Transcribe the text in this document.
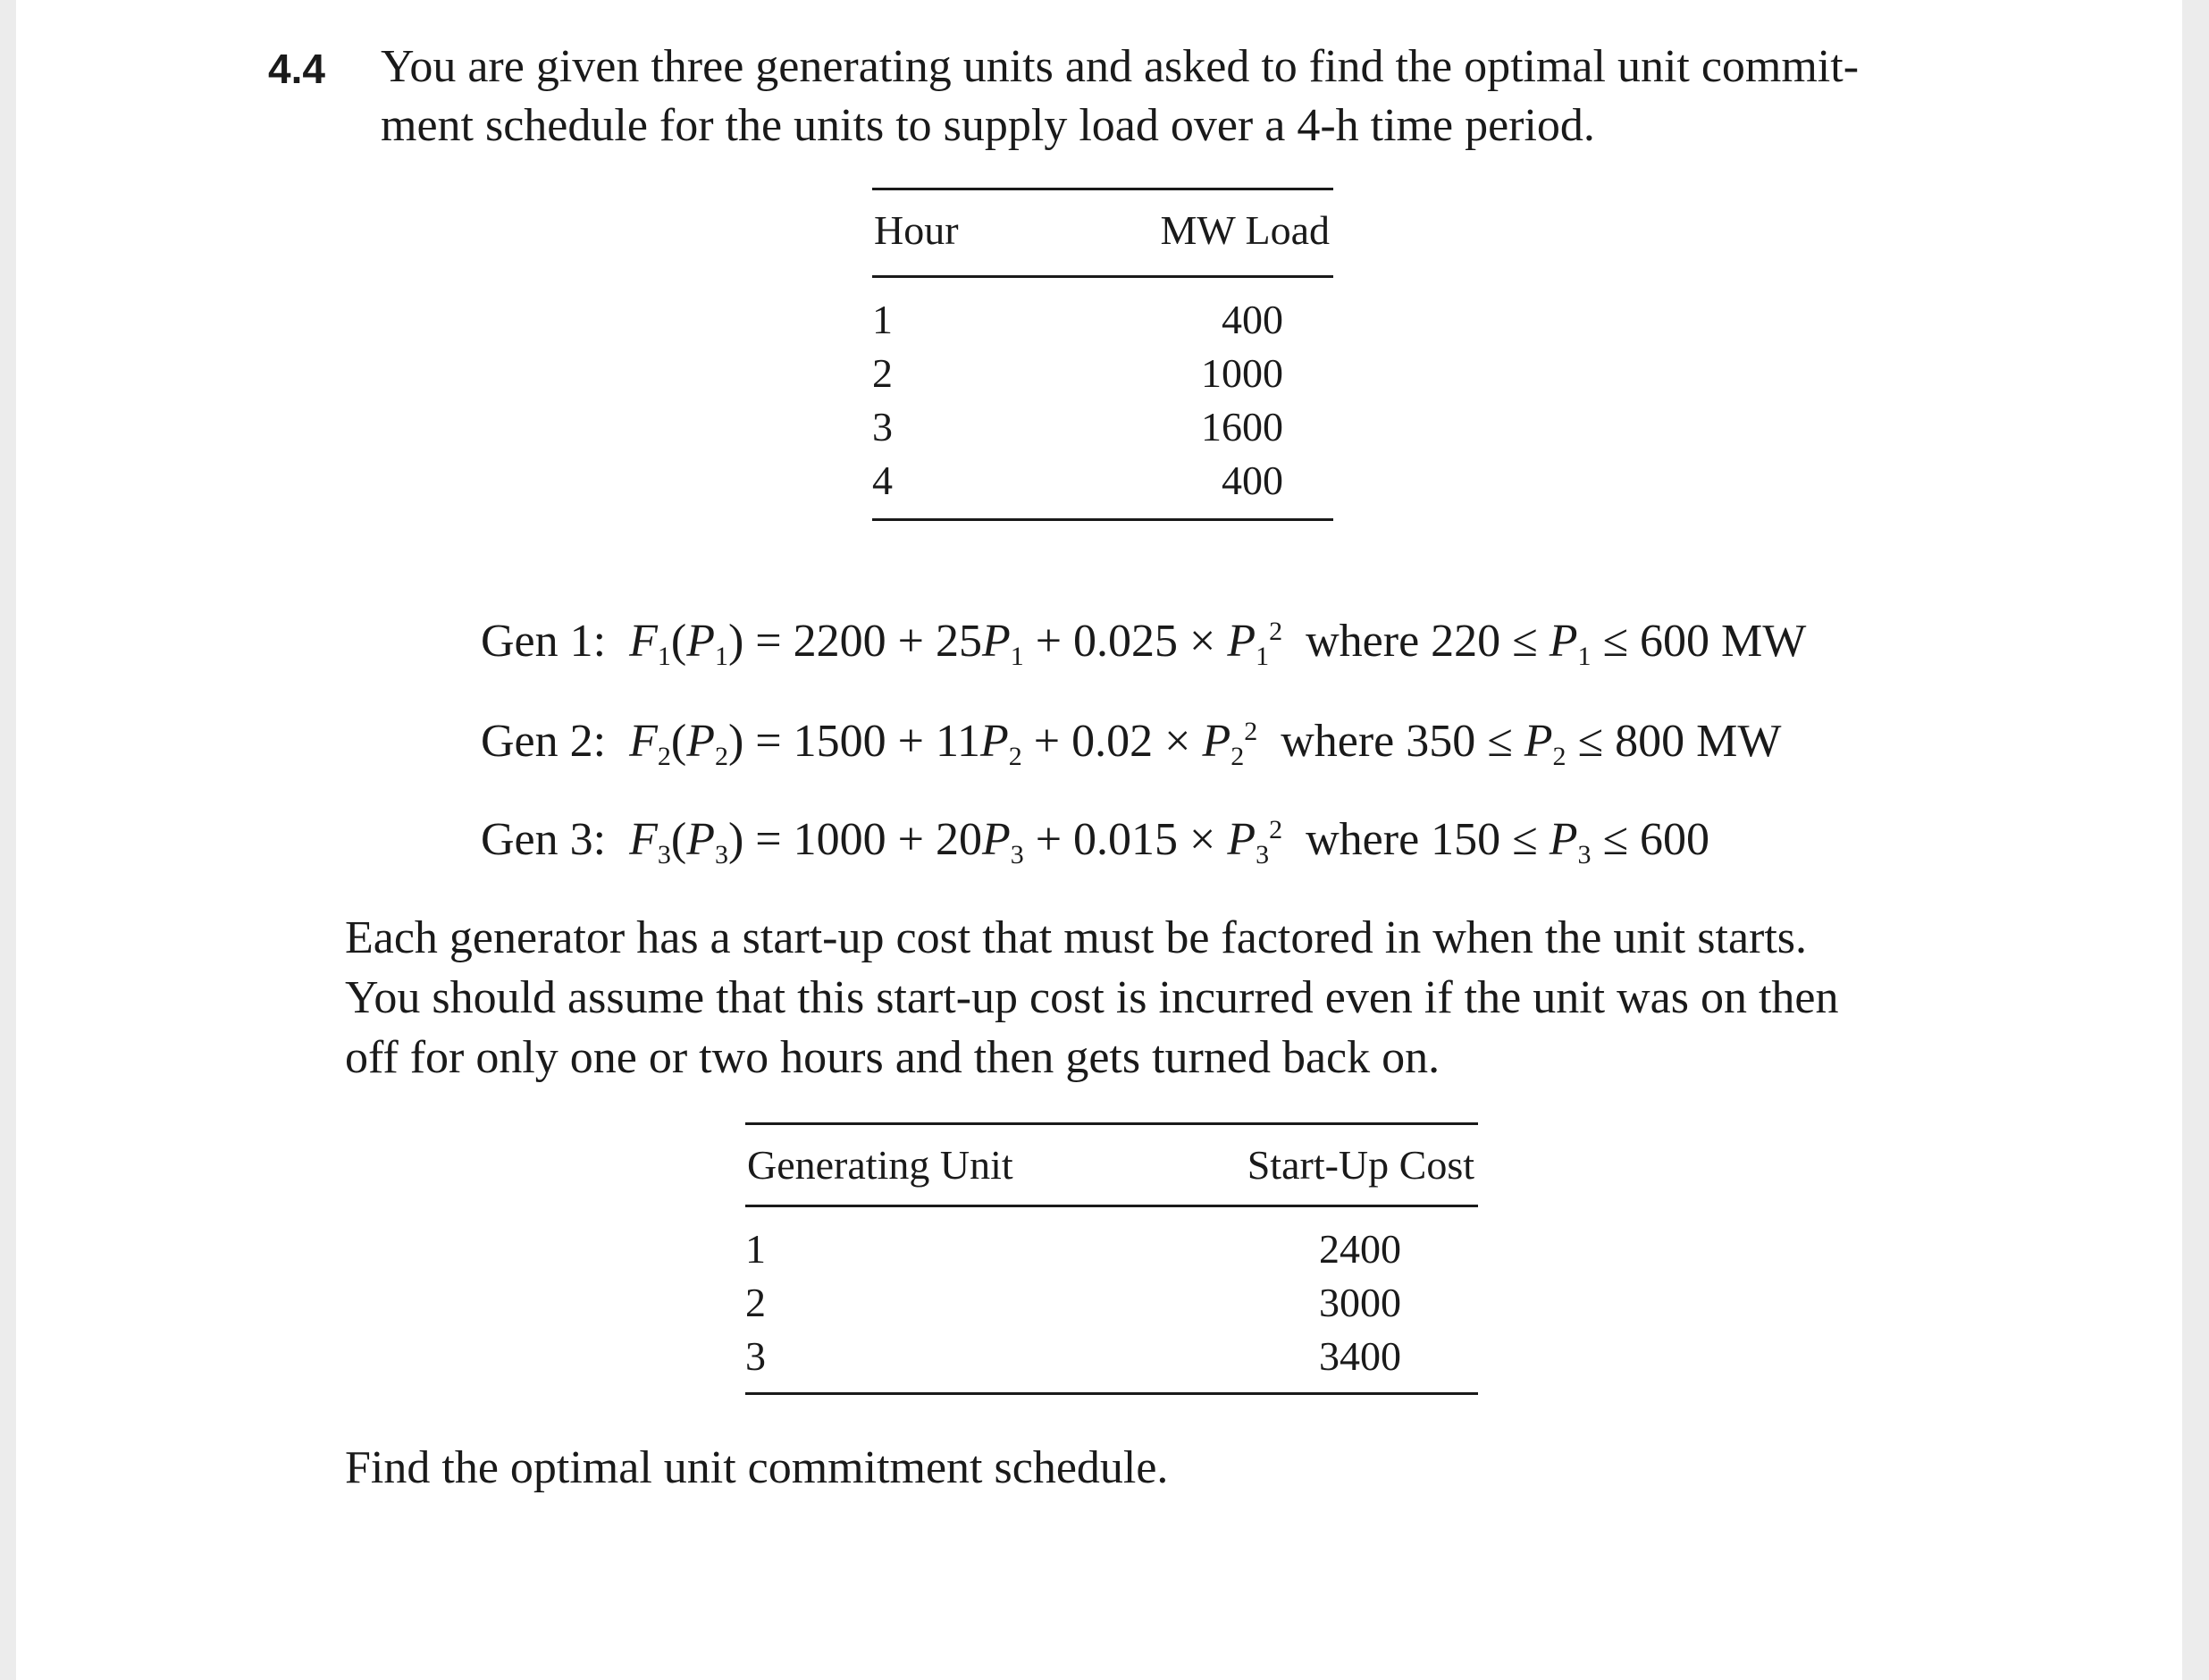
4.4 You are given three generating units and asked to find the optimal unit commit-
ment schedule for the units to supply load over a 4-h time period.
Hour	MW Load
1	400
2	1000
3	1600
4	400
Gen 1: $F_1(P_1) = 2200 + 25P_1 + 0.025 \times P_1^2$ where $220 \le P_1 \le 600$ MW
Gen 2: $F_2(P_2) = 1500 + 11P_2 + 0.02 \times P_2^2$ where $350 \le P_2 \le 800$ MW
Gen 3: $F_3(P_3) = 1000 + 20P_3 + 0.015 \times P_3^2$ where $150 \le P_3 \le 600$
Each generator has a start-up cost that must be factored in when the unit starts.
You should assume that this start-up cost is incurred even if the unit was on then
off for only one or two hours and then gets turned back on.
Generating Unit	Start-Up Cost
1	2400
2	3000
3	3400
Find the optimal unit commitment schedule.
